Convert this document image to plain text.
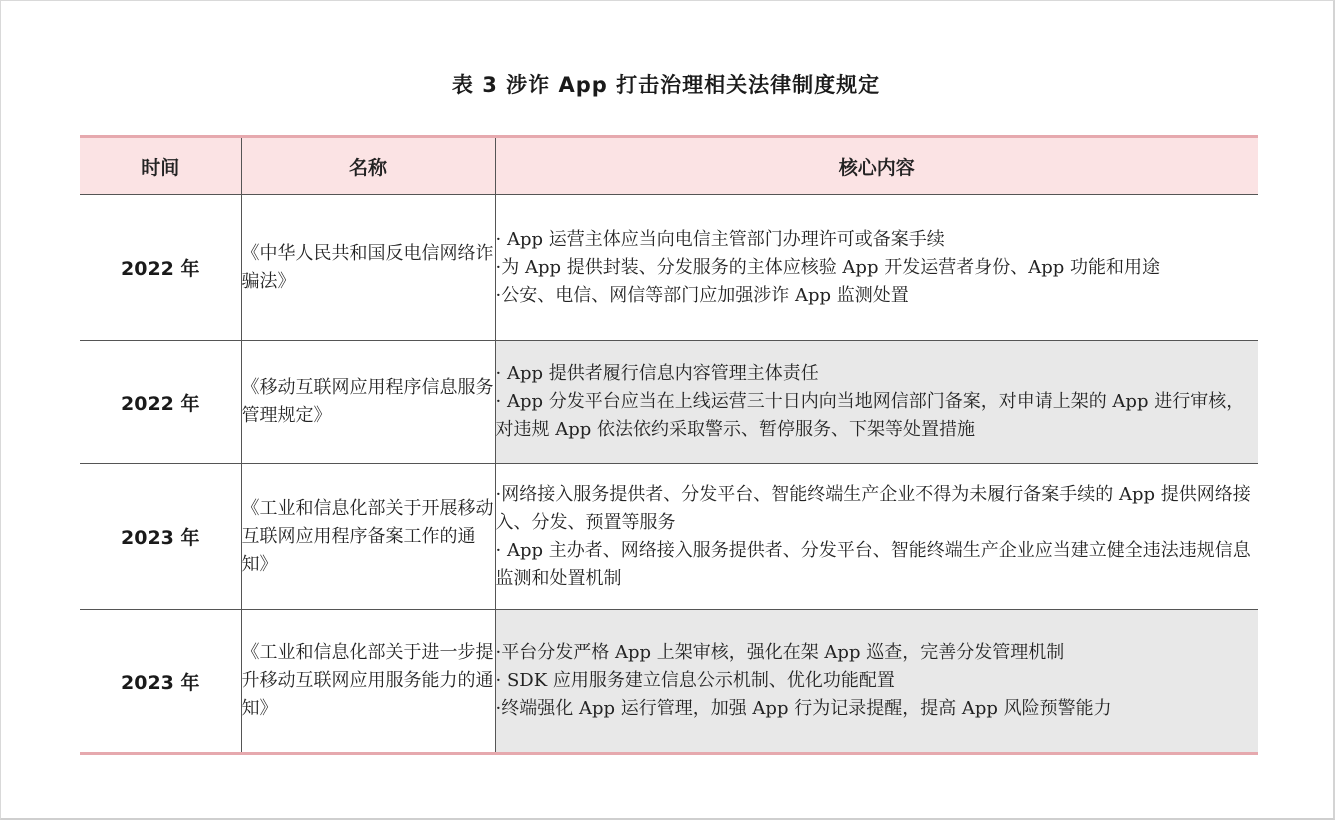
表 3 涉诈 App 打击治理相关法律制度规定
时间	名称	核心内容
2022 年	《中华人民共和国反电信网络诈骗法》	· App 运营主体应当向电信主管部门办理许可或备案手续
·为 App 提供封装、分发服务的主体应核验 App 开发运营者身份、App 功能和用途
·公安、电信、网信等部门应加强涉诈 App 监测处置

2022 年	《移动互联网应用程序信息服务管理规定》	· App 提供者履行信息内容管理主体责任
· App 分发平台应当在上线运营三十日内向当地网信部门备案，对申请上架的 App 进行审核，对违规 App 依法依约采取警示、暂停服务、下架等处置措施

2023 年	《工业和信息化部关于开展移动互联网应用程序备案工作的通知》	·网络接入服务提供者、分发平台、智能终端生产企业不得为未履行备案手续的 App 提供网络接入、分发、预置等服务
· App 主办者、网络接入服务提供者、分发平台、智能终端生产企业应当建立健全违法违规信息监测和处置机制

2023 年	《工业和信息化部关于进一步提升移动互联网应用服务能力的通知》	·平台分发严格 App 上架审核，强化在架 App 巡查，完善分发管理机制
· SDK 应用服务建立信息公示机制、优化功能配置
·终端强化 App 运行管理，加强 App 行为记录提醒，提高 App 风险预警能力
